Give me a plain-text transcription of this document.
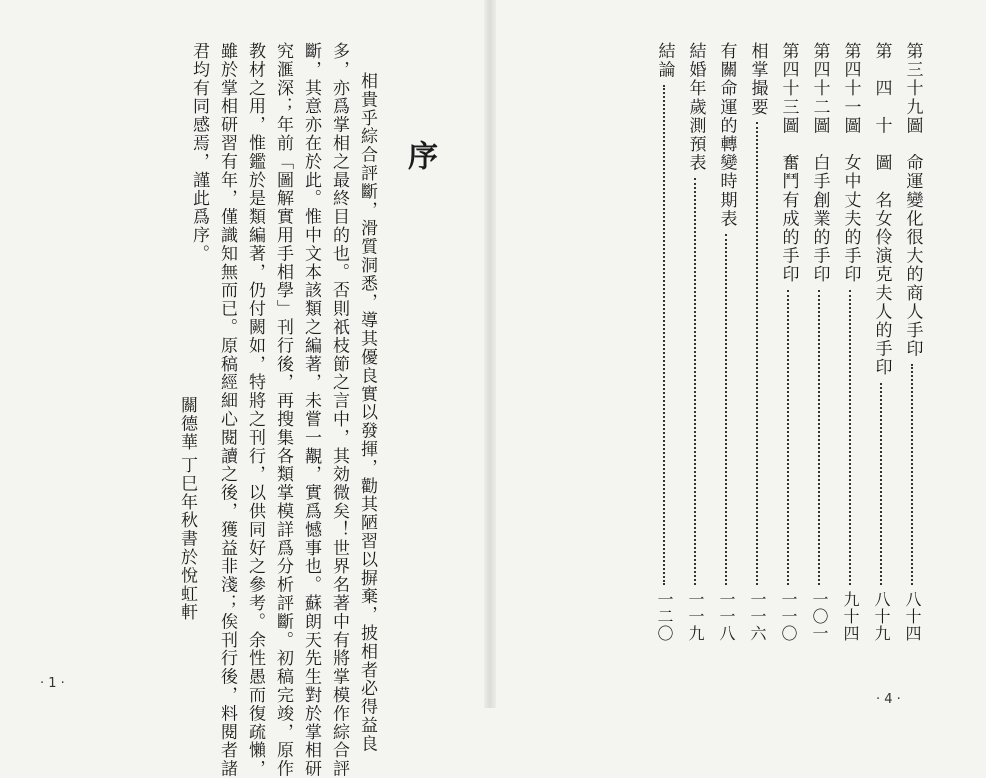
序
相貴乎綜合評斷，滑質洞悉，導其優良實以發揮，勸其陋習以摒棄，披相者必得益良
多，亦爲掌相之最終目的也。否則祇枝節之言中，其効微矣！世界名著中有將掌模作綜合評
斷，其意亦在於此。惟中文本該類之編著，未嘗一覯，實爲憾事也。蘇朗天先生對於掌相研
究滙深；年前「圖解實用手相學」刊行後，再搜集各類掌模詳爲分析評斷。初稿完竣，原作
教材之用，惟鑑於是類編著，仍付闕如，特將之刊行，以供同好之參考。余性愚而復疏懶，
雖於掌相研習有年，僅識知無而已。原稿經細心閱讀之後，獲益非淺；俟刊行後，料閱者諸
君均有同感焉，謹此爲序。
關德華
丁巳年秋書於悅虹軒
· 1 ·
第三十九圖　命運變化很大的商人手印
八十四
第　四　十　圖　名女伶演克夫人的手印
八十九
第四十一圖　女中丈夫的手印
九十四
第四十二圖　白手創業的手印
一〇一
第四十三圖　奮鬥有成的手印
一一〇
相掌撮要
一一六
有關命運的轉變時期表
一一八
結婚年歲測預表
一一九
結論
一二〇
· 4 ·
